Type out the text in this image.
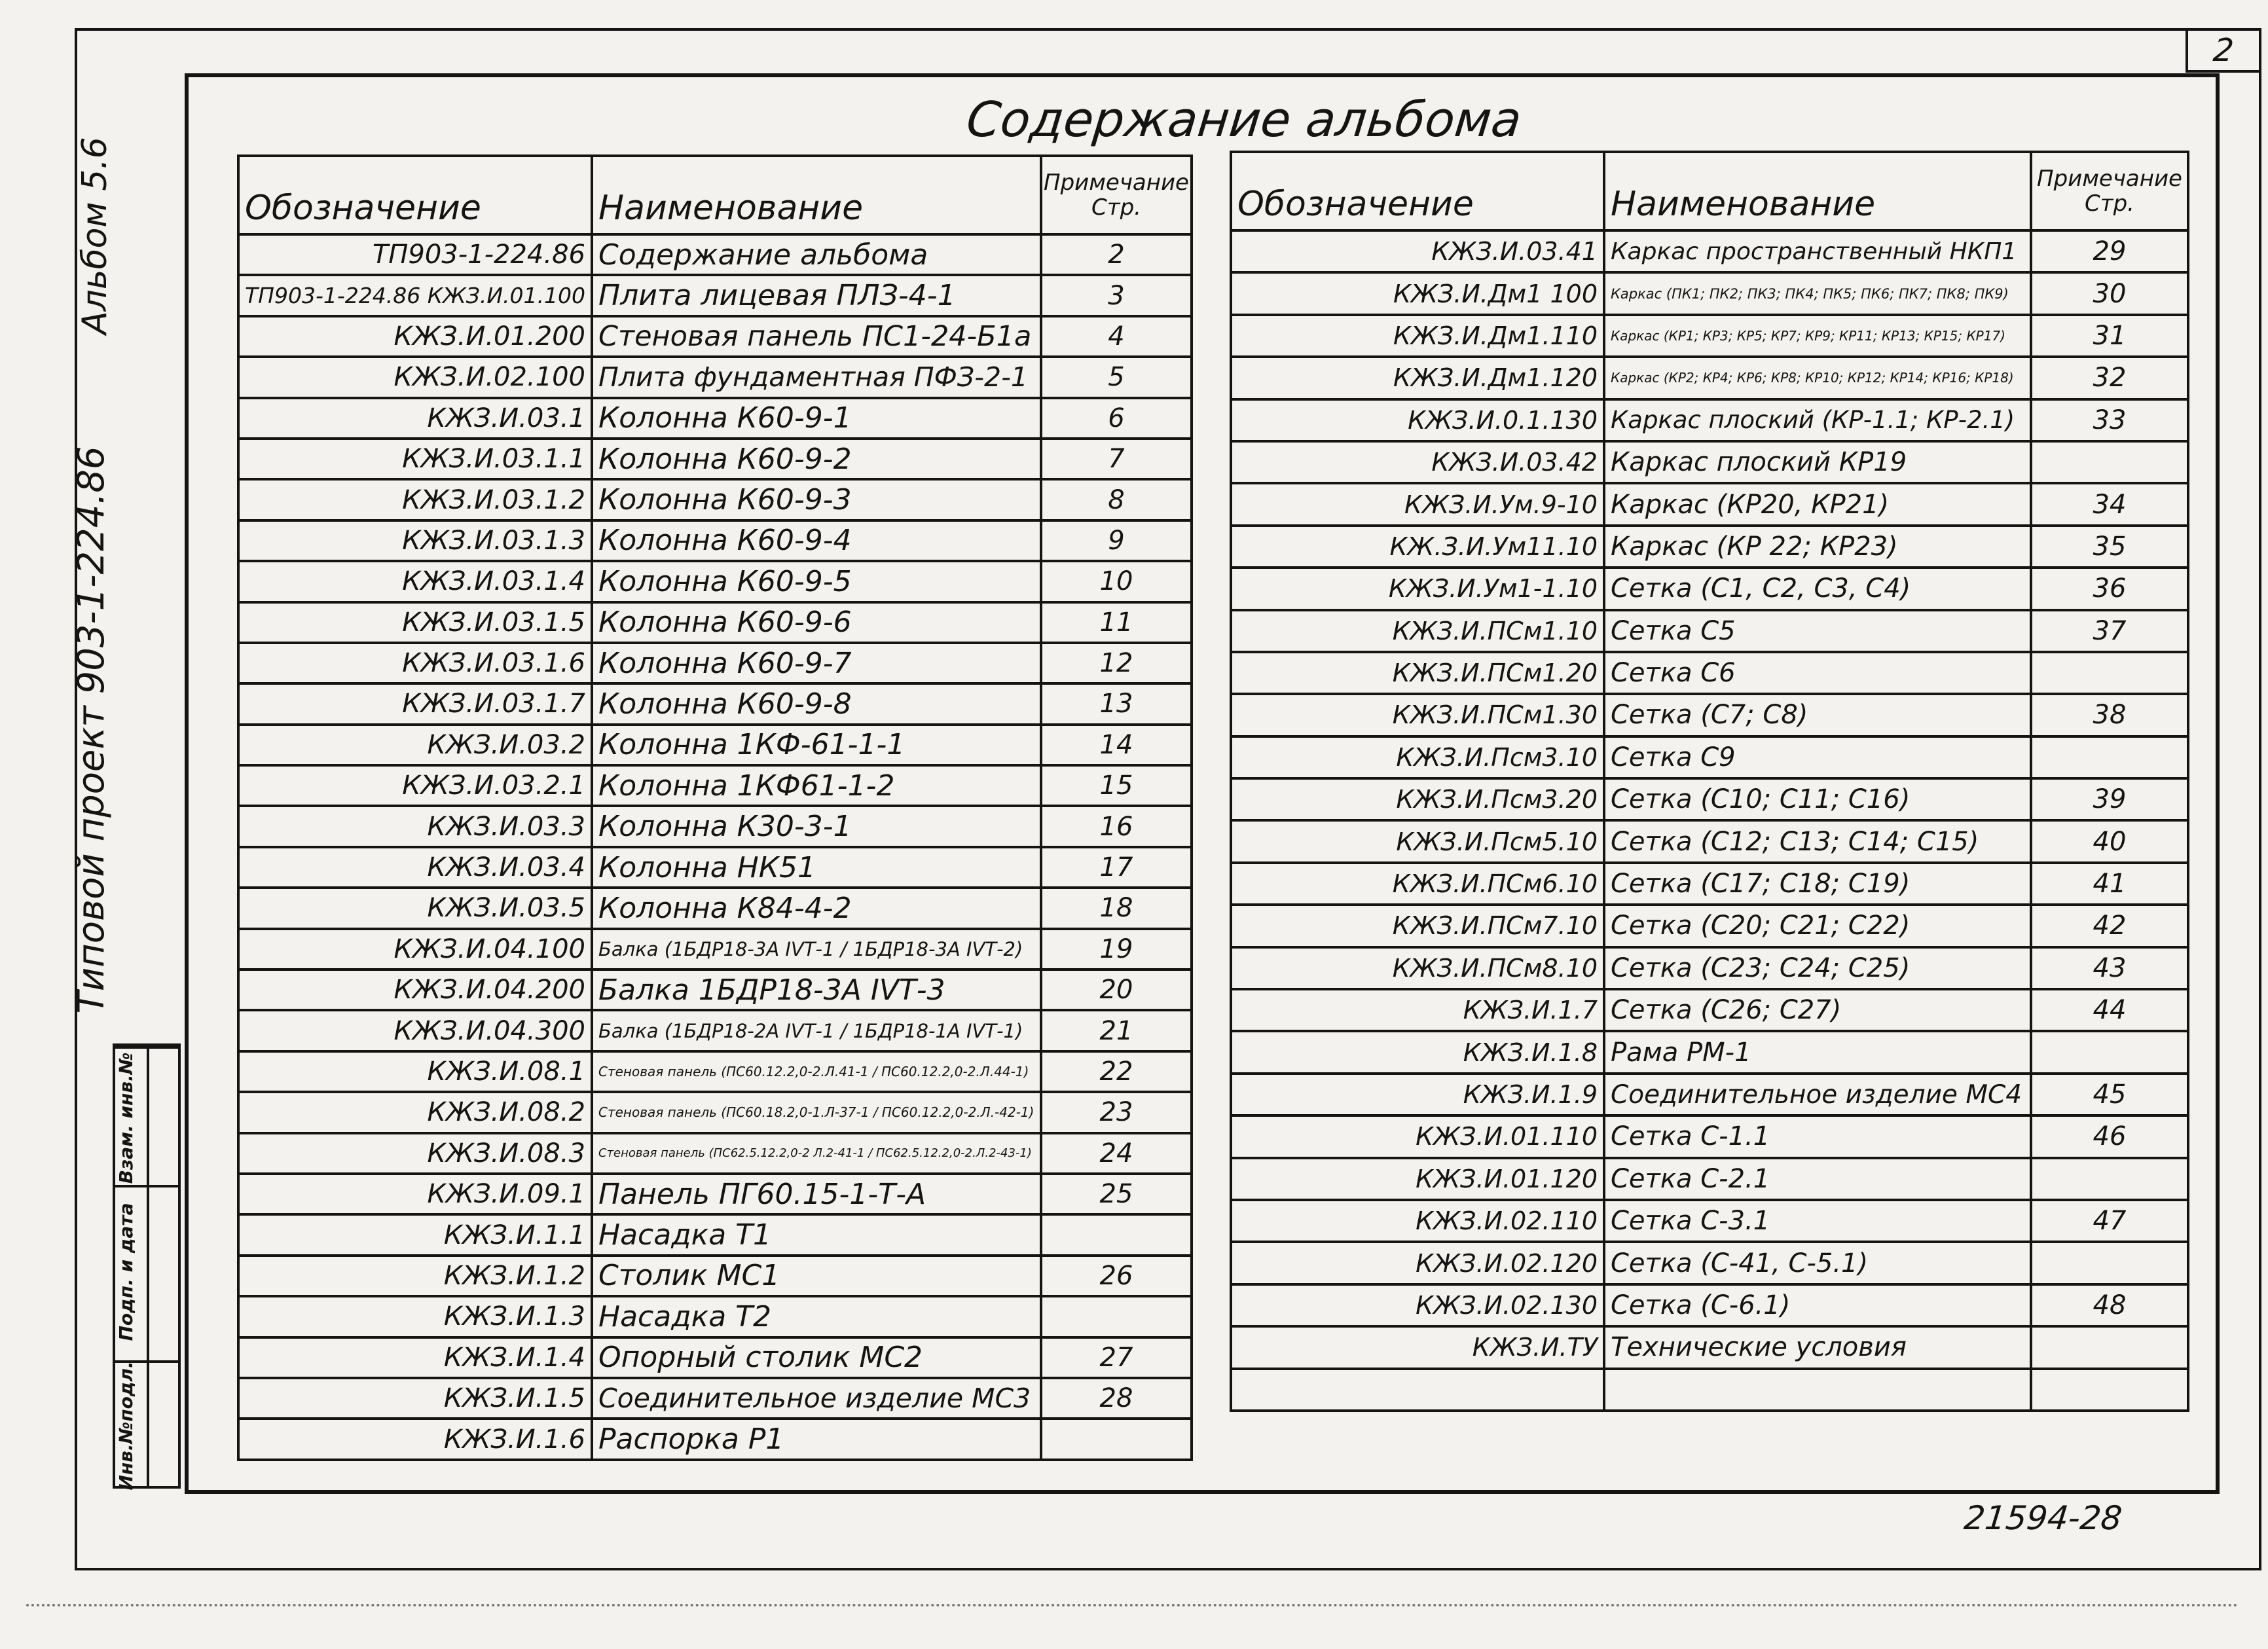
2
Альбом 5.6
Типовой проект 903-1-224.86
Инв.№подл.
Подп. и дата
Взам. инв.№
Содержание альбома
Обозначение	Наименование	Примечание Стр.
ТП903-1-224.86	Содержание альбома	2
ТП903-1-224.86 КЖЗ.И.01.100	Плита лицевая ПЛЗ-4-1	3
КЖЗ.И.01.200	Стеновая панель ПС1-24-Б1а	4
КЖЗ.И.02.100	Плита фундаментная ПФЗ-2-1	5
КЖЗ.И.03.1	Колонна К60-9-1	6
КЖЗ.И.03.1.1	Колонна К60-9-2	7
КЖЗ.И.03.1.2	Колонна К60-9-3	8
КЖЗ.И.03.1.3	Колонна К60-9-4	9
КЖЗ.И.03.1.4	Колонна К60-9-5	10
КЖЗ.И.03.1.5	Колонна К60-9-6	11
КЖЗ.И.03.1.6	Колонна К60-9-7	12
КЖЗ.И.03.1.7	Колонна К60-9-8	13
КЖЗ.И.03.2	Колонна 1КФ-61-1-1	14
КЖЗ.И.03.2.1	Колонна 1КФ61-1-2	15
КЖЗ.И.03.3	Колонна К30-3-1	16
КЖЗ.И.03.4	Колонна НК51	17
КЖЗ.И.03.5	Колонна К84-4-2	18
КЖЗ.И.04.100	Балка (1БДР18-3А IVТ-1 / 1БДР18-3А IVТ-2)	19
КЖЗ.И.04.200	Балка 1БДР18-3А IVТ-3	20
КЖЗ.И.04.300	Балка (1БДР18-2А IVТ-1 / 1БДР18-1А IVТ-1)	21
КЖЗ.И.08.1	Стеновая панель (ПС60.12.2,0-2.Л.41-1 / ПС60.12.2,0-2.Л.44-1)	22
КЖЗ.И.08.2	Стеновая панель (ПС60.18.2,0-1.Л-37-1 / ПС60.12.2,0-2.Л.-42-1)	23
КЖЗ.И.08.3	Стеновая панель (ПС62.5.12.2,0-2 Л.2-41-1 / ПС62.5.12.2,0-2.Л.2-43-1)	24
КЖЗ.И.09.1	Панель ПГ60.15-1-Т-А	25
КЖЗ.И.1.1	Насадка Т1	
КЖЗ.И.1.2	Столик МС1	26
КЖЗ.И.1.3	Насадка Т2	
КЖЗ.И.1.4	Опорный столик МС2	27
КЖЗ.И.1.5	Соединительное изделие МС3	28
КЖЗ.И.1.6	Распорка Р1	
Обозначение	Наименование	Примечание Стр.
КЖЗ.И.03.41	Каркас пространственный НКП1	29
КЖЗ.И.Дм1 100	Каркас (ПК1; ПК2; ПК3; ПК4; ПК5; ПК6; ПК7; ПК8; ПК9)	30
КЖЗ.И.Дм1.110	Каркас (КР1; КР3; КР5; КР7; КР9; КР11; КР13; КР15; КР17)	31
КЖЗ.И.Дм1.120	Каркас (КР2; КР4; КР6; КР8; КР10; КР12; КР14; КР16; КР18)	32
КЖЗ.И.0.1.130	Каркас плоский (КР-1.1; КР-2.1)	33
КЖЗ.И.03.42	Каркас плоский КР19	
КЖЗ.И.Ум.9-10	Каркас (КР20, КР21)	34
КЖ.З.И.Ум11.10	Каркас (КР 22; КР23)	35
КЖЗ.И.Ум1-1.10	Сетка (С1, С2, С3, С4)	36
КЖЗ.И.ПСм1.10	Сетка С5	37
КЖЗ.И.ПСм1.20	Сетка С6	
КЖЗ.И.ПСм1.30	Сетка (С7; С8)	38
КЖЗ.И.Псм3.10	Сетка С9	
КЖЗ.И.Псм3.20	Сетка (С10; С11; С16)	39
КЖЗ.И.Псм5.10	Сетка (С12; С13; С14; С15)	40
КЖЗ.И.ПСм6.10	Сетка (С17; С18; С19)	41
КЖЗ.И.ПСм7.10	Сетка (С20; С21; С22)	42
КЖЗ.И.ПСм8.10	Сетка (С23; С24; С25)	43
КЖЗ.И.1.7	Сетка (С26; С27)	44
КЖЗ.И.1.8	Рама РМ-1	
КЖЗ.И.1.9	Соединительное изделие МС4	45
КЖЗ.И.01.110	Сетка С-1.1	46
КЖЗ.И.01.120	Сетка С-2.1	
КЖЗ.И.02.110	Сетка С-3.1	47
КЖЗ.И.02.120	Сетка (С-41, С-5.1)	
КЖЗ.И.02.130	Сетка (С-6.1)	48
КЖЗ.И.ТУ	Технические условия	

21594-28
